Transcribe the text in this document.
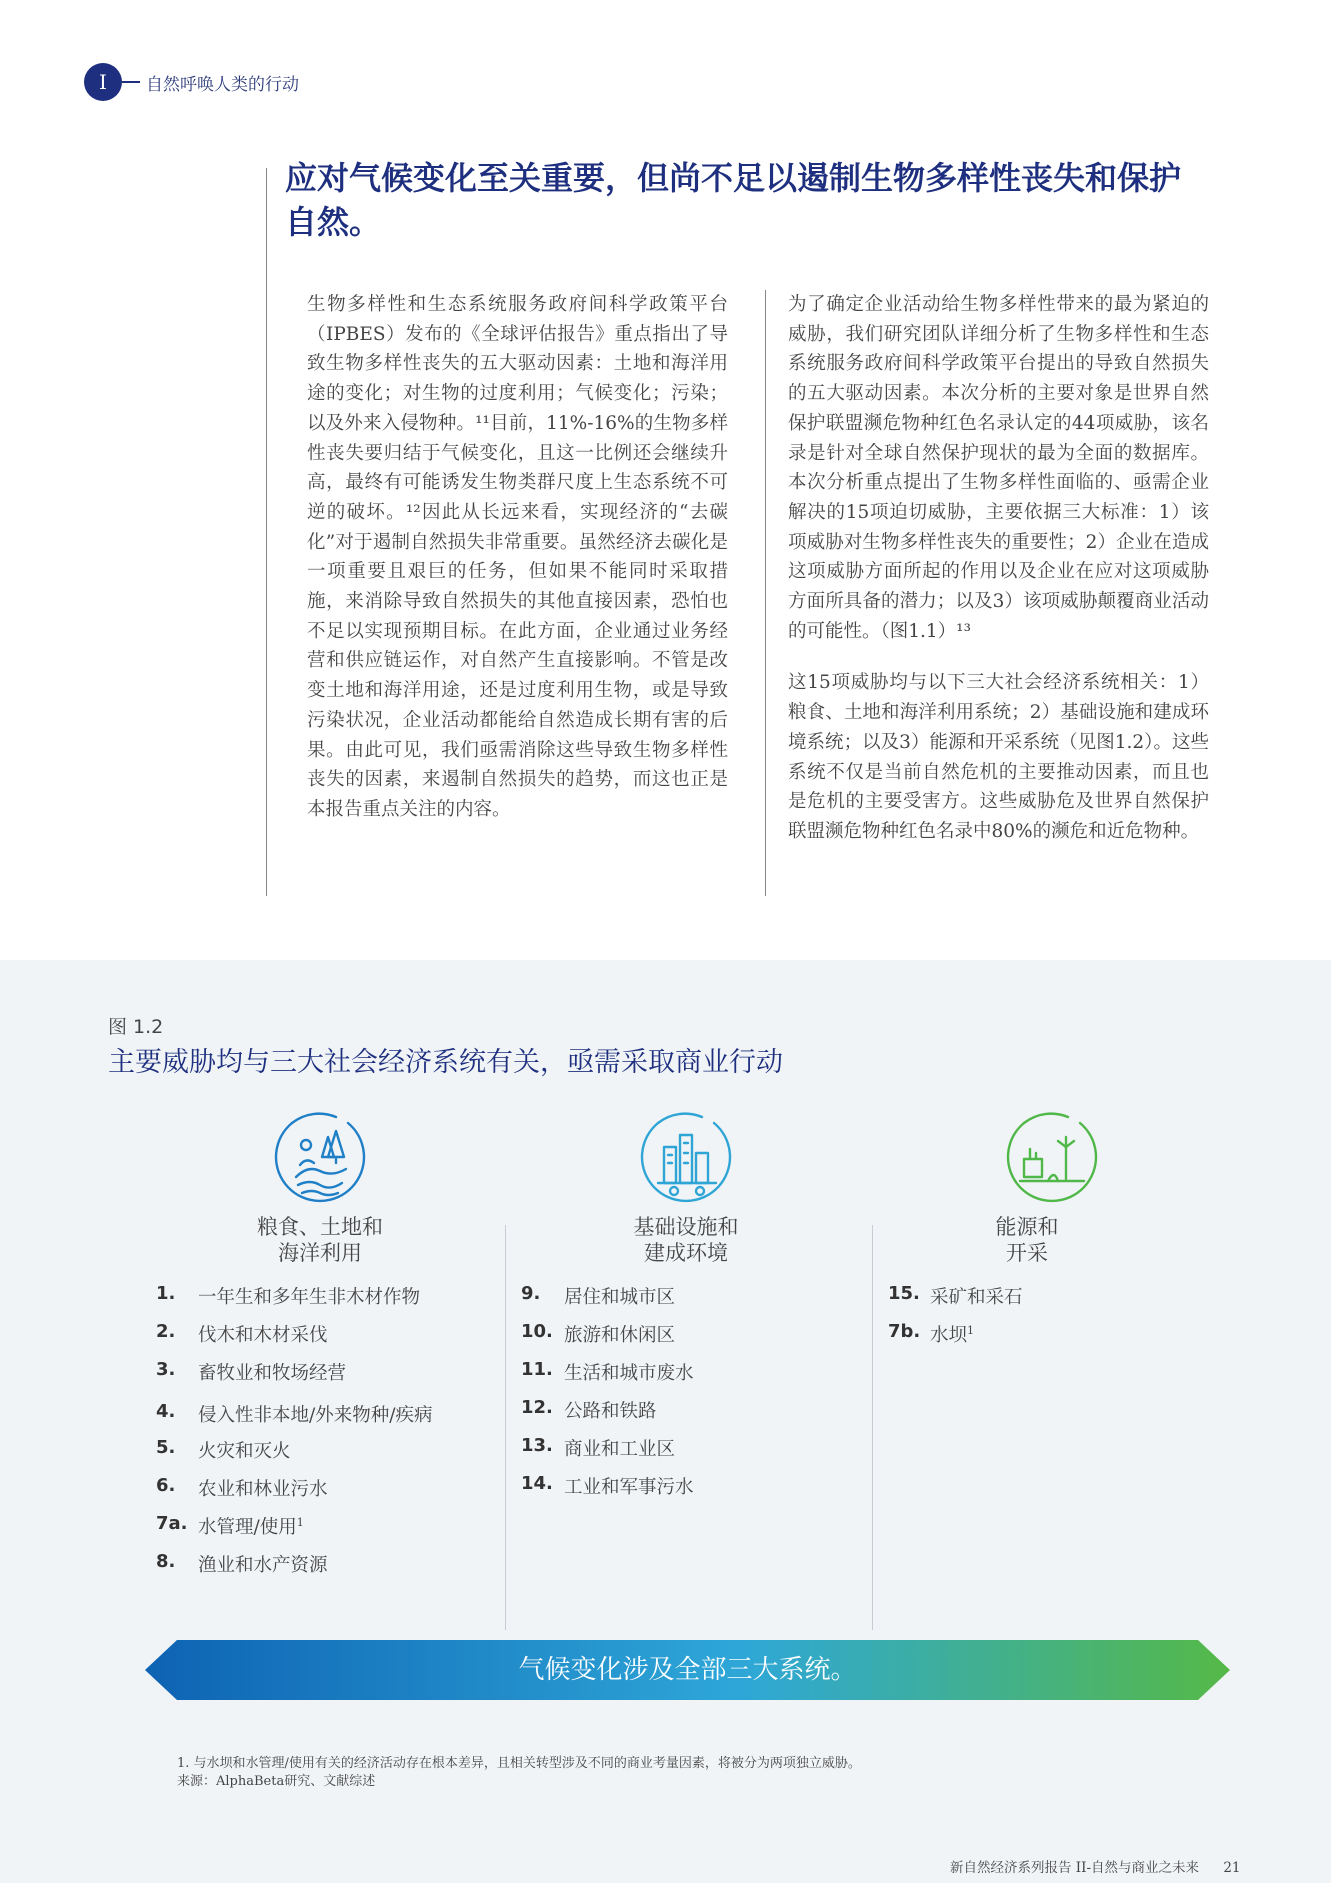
I	自然呼唤人类的行动
应对气候变化至关重要，但尚不足以遏制生物多样性丧失和保护自然。

生物多样性和生态系统服务政府间科学政策平台（IPBES）发布的《全球评估报告》重点指出了导致生物多样性丧失的五大驱动因素：土地和海洋用途的变化；对生物的过度利用；气候变化；污染；以及外来入侵物种。¹¹目前，11%-16%的生物多样性丧失要归结于气候变化，且这一比例还会继续升高，最终有可能诱发生物类群尺度上生态系统不可逆的破坏。¹²因此从长远来看，实现经济的“去碳化”对于遏制自然损失非常重要。虽然经济去碳化是一项重要且艰巨的任务，但如果不能同时采取措施，来消除导致自然损失的其他直接因素，恐怕也不足以实现预期目标。在此方面，企业通过业务经营和供应链运作，对自然产生直接影响。不管是改变土地和海洋用途，还是过度利用生物，或是导致污染状况，企业活动都能给自然造成长期有害的后果。由此可见，我们亟需消除这些导致生物多样性丧失的因素，来遏制自然损失的趋势，而这也正是本报告重点关注的内容。

为了确定企业活动给生物多样性带来的最为紧迫的威胁，我们研究团队详细分析了生物多样性和生态系统服务政府间科学政策平台提出的导致自然损失的五大驱动因素。本次分析的主要对象是世界自然保护联盟濒危物种红色名录认定的44项威胁，该名录是针对全球自然保护现状的最为全面的数据库。本次分析重点提出了生物多样性面临的、亟需企业解决的15项迫切威胁，主要依据三大标准：1）该项威胁对生物多样性丧失的重要性；2）企业在造成这项威胁方面所起的作用以及企业在应对这项威胁方面所具备的潜力；以及3）该项威胁颠覆商业活动的可能性。（图1.1）¹³

这15项威胁均与以下三大社会经济系统相关：1）粮食、土地和海洋利用系统；2）基础设施和建成环境系统；以及3）能源和开采系统（见图1.2）。这些系统不仅是当前自然危机的主要推动因素，而且也是危机的主要受害方。这些威胁危及世界自然保护联盟濒危物种红色名录中80%的濒危和近危物种。

图 1.2
主要威胁均与三大社会经济系统有关，亟需采取商业行动
粮食、土地和
海洋利用
基础设施和
建成环境
能源和
开采
1. 一年生和多年生非木材作物
2. 伐木和木材采伐
3. 畜牧业和牧场经营
4. 侵入性非本地/外来物种/疾病
5. 火灾和灭火
6. 农业和林业污水
7a. 水管理/使用$^1$
8. 渔业和水产资源
9. 居住和城市区
10. 旅游和休闲区
11. 生活和城市废水
12. 公路和铁路
13. 商业和工业区
14. 工业和军事污水
15. 采矿和采石
7b. 水坝$^1$
气候变化涉及全部三大系统。
1. 与水坝和水管理/使用有关的经济活动存在根本差异，且相关转型涉及不同的商业考量因素，将被分为两项独立威胁。
来源：AlphaBeta研究、文献综述
新自然经济系列报告 II-自然与商业之未来 21
